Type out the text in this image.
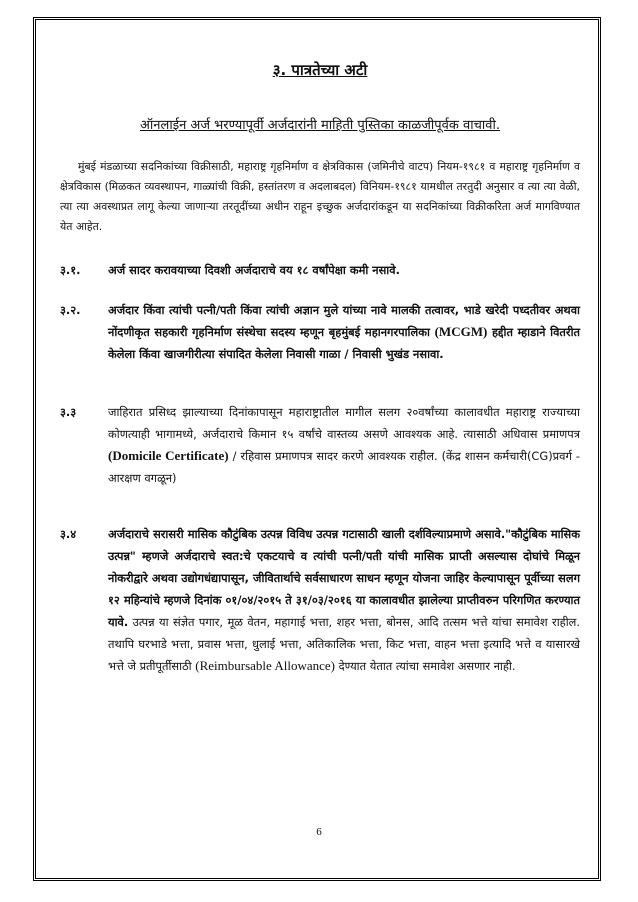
३. पात्रतेच्या अटी

ऑनलाईन अर्ज भरण्यापूर्वी अर्जदारांनी माहिती पुस्तिका काळजीपूर्वक वाचावी.

मुंबई मंडळाच्या सदनिकांच्या विक्रीसाठी, महाराष्ट्र गृहनिर्माण व क्षेत्रविकास (जमिनीचे वाटप) नियम-१९८१ व महाराष्ट्र गृहनिर्माण व क्षेत्रविकास (मिळकत व्यवस्थापन, गाळ्यांची विक्री, हस्तांतरण व अदलाबदल) विनियम-१९८१ यामधील तरतुदी अनुसार व त्या त्या वेळी, त्या त्या अवस्थाप्रत लागू केल्या जाणाऱ्या तरतूदींच्या अधीन राहून इच्छुक अर्जदारांकडून या सदनिकांच्या विक्रीकरिता अर्ज मागविण्यात येत आहेत.

३.१.	अर्ज सादर करावयाच्या दिवशी अर्जदाराचे वय १८ वर्षांपेक्षा कमी नसावे.
३.२.	अर्जदार किंवा त्यांची पत्नी/पती किंवा त्यांची अज्ञान मुले यांच्या नावे मालकी तत्वावर, भाडे खरेदी पध्दतीवर अथवा नोंदणीकृत सहकारी गृहनिर्माण संस्थेचा सदस्य म्हणून बृहमुंबई महानगरपालिका (MCGM) हद्दीत म्हाडाने वितरीत केलेला किंवा खाजगीरीत्या संपादित केलेला निवासी गाळा / निवासी भुखंड नसावा.
३.३	जाहिरात प्रसिध्द झाल्याच्या दिनांकापासून महाराष्ट्रातील मागील सलग २०वर्षांच्या कालावधीत महाराष्ट्र राज्याच्या कोणत्याही भागामध्ये, अर्जदाराचे किमान १५ वर्षांचे वास्तव्य असणे आवश्यक आहे. त्यासाठी अधिवास प्रमाणपत्र (Domicile Certificate) / रहिवास प्रमाणपत्र सादर करणे आवश्यक राहील. (केंद्र शासन कर्मचारी(CG)प्रवर्ग - आरक्षण वगळून)
३.४	अर्जदाराचे सरासरी मासिक कौटुंबिक उत्पन्न विविध उत्पन्न गटासाठी खाली दर्शविल्याप्रमाणे असावे."कौटुंबिक मासिक उत्पन्न" म्हणजे अर्जदाराचे स्वत:चे एकटयाचे व त्यांची पत्नी/पती यांची मासिक प्राप्ती असल्यास दोघांचे मिळून नोकरीद्वारे अथवा उद्योगधंद्यापासून, जीवितार्थाचे सर्वसाधारण साधन म्हणून योजना जाहिर केल्यापासून पूर्वीच्या सलग १२ महिन्यांचे म्हणजे दिनांक ०१/०४/२०१५ ते ३१/०३/२०१६ या कालावधीत झालेल्या प्राप्तीवरुन परिगणित करण्यात यावे. उत्पन्न या संज्ञेत पगार, मूळ वेतन, महागाई भत्ता, शहर भत्ता, बोनस, आदि तत्सम भत्ते यांचा समावेश राहील. तथापि घरभाडे भत्ता, प्रवास भत्ता, धुलाई भत्ता, अतिकालिक भत्ता, किट भत्ता, वाहन भत्ता इत्यादि भत्ते व यासारखे भत्ते जे प्रतीपूर्तीसाठी (Reimbursable Allowance) देण्यात येतात त्यांचा समावेश असणार नाही.
6
